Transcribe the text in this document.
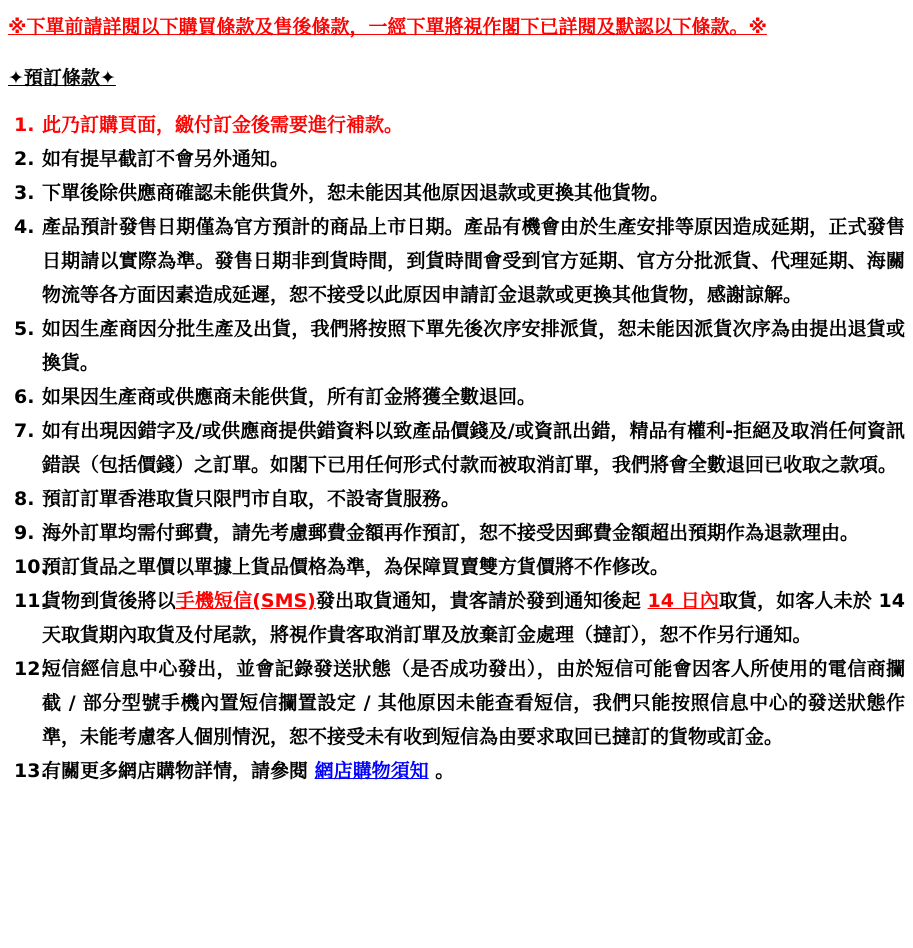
※下單前請詳閱以下購買條款及售後條款，一經下單將視作閣下已詳閱及默認以下條款。※
✦預訂條款✦
1. 此乃訂購頁面，繳付訂金後需要進行補款。
2. 如有提早截訂不會另外通知。
3. 下單後除供應商確認未能供貨外，恕未能因其他原因退款或更換其他貨物。
4. 產品預計發售日期僅為官方預計的商品上市日期。產品有機會由於生產安排等原因造成延期，正式發售日期請以實際為準。發售日期非到貨時間，到貨時間會受到官方延期、官方分批派貨、代理延期、海關物流等各方面因素造成延遲，恕不接受以此原因申請訂金退款或更換其他貨物，感謝諒解。
5. 如因生產商因分批生產及出貨，我們將按照下單先後次序安排派貨，恕未能因派貨次序為由提出退貨或換貨。
6. 如果因生產商或供應商未能供貨，所有訂金將獲全數退回。
7. 如有出現因錯字及/或供應商提供錯資料以致產品價錢及/或資訊出錯，精品有權利-拒絕及取消任何資訊錯誤（包括價錢）之訂單。如閣下已用任何形式付款而被取消訂單，我們將會全數退回已收取之款項。
8. 預訂訂單香港取貨只限門市自取，不設寄貨服務。
9. 海外訂單均需付郵費，請先考慮郵費金額再作預訂，恕不接受因郵費金額超出預期作為退款理由。
10.
預訂貨品之單價以單據上貨品價格為準，為保障買賣雙方貨價將不作修改。
11.
貨物到貨後將以手機短信(SMS)發出取貨通知，貴客請於發到通知後起 14 日內取貨，如客人未於 14 天取貨期內取貨及付尾款，將視作貴客取消訂單及放棄訂金處理（撻訂），恕不作另行通知。
12.
短信經信息中心發出，並會記錄發送狀態（是否成功發出），由於短信可能會因客人所使用的電信商攔截 / 部分型號手機內置短信攔置設定 / 其他原因未能查看短信，我們只能按照信息中心的發送狀態作準，未能考慮客人個別情況，恕不接受未有收到短信為由要求取回已撻訂的貨物或訂金。
13.
有關更多網店購物詳情，請參閱 網店購物須知 。
